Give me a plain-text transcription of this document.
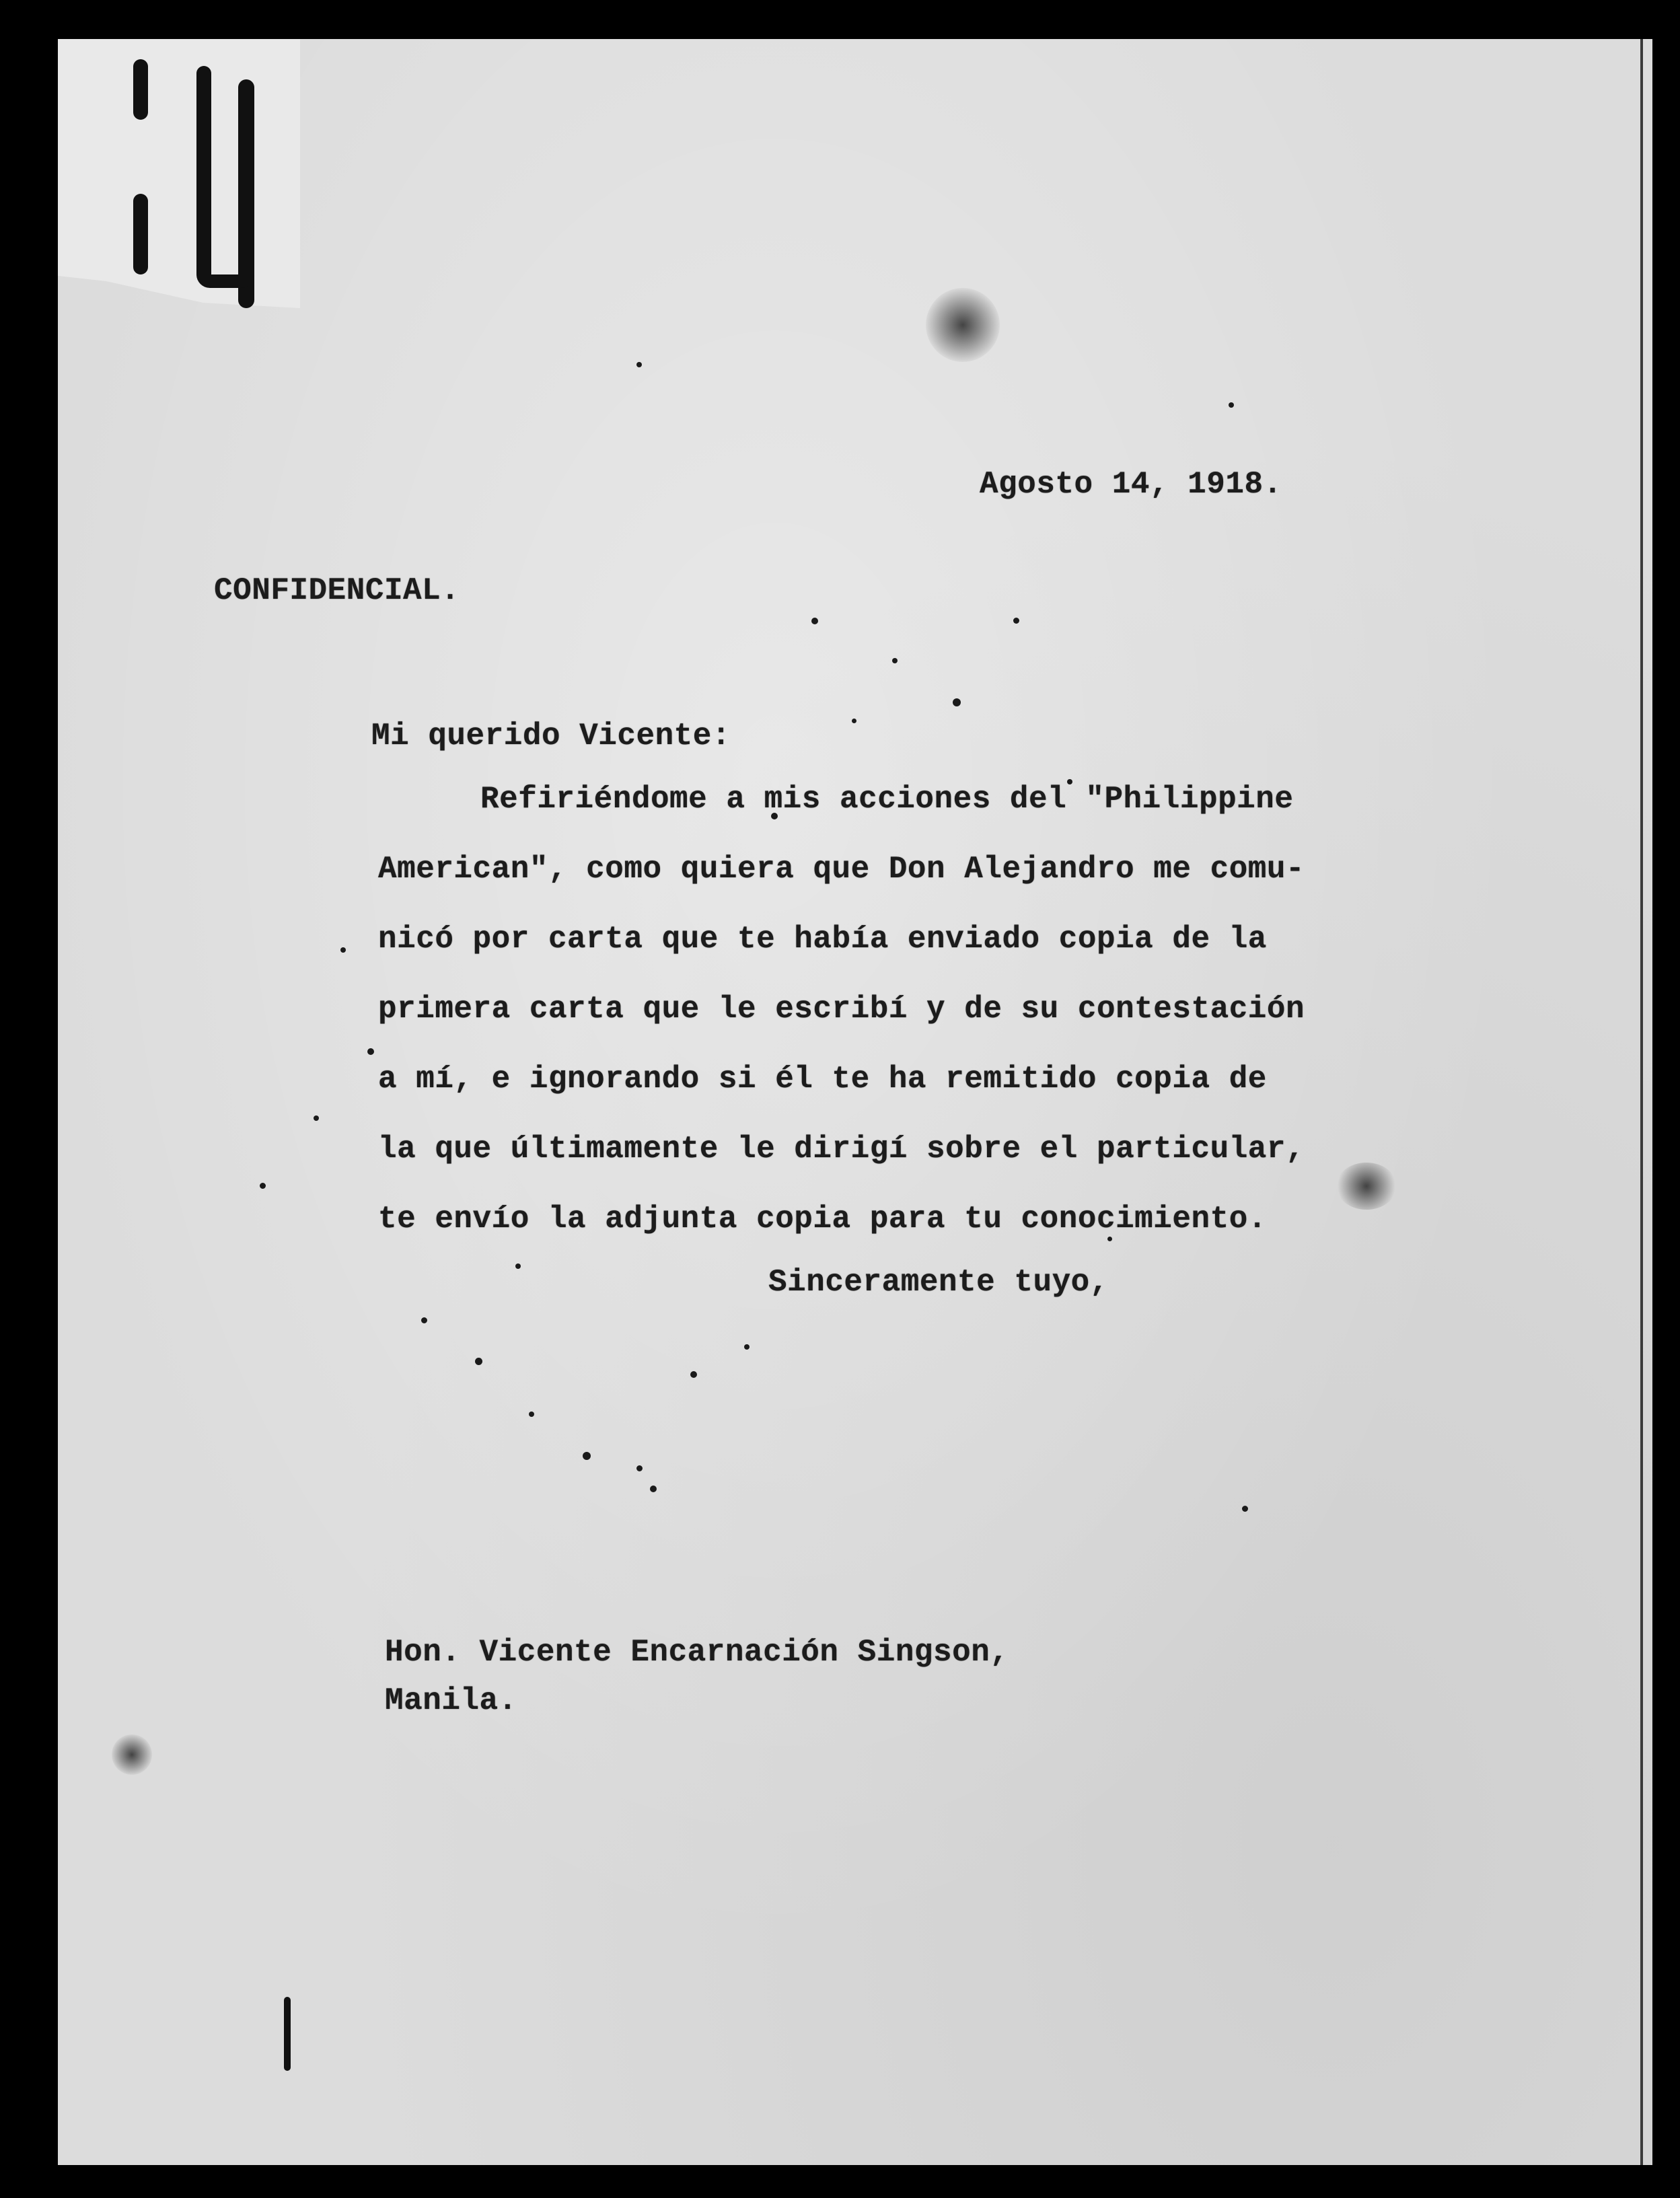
Agosto 14, 1918.
CONFIDENCIAL.
Mi querido Vicente:
Refiriéndome a mis acciones del "Philippine
American", como quiera que Don Alejandro me comu-
nicó por carta que te había enviado copia de la
primera carta que le escribí y de su contestación
a mí, e ignorando si él te ha remitido copia de
la que últimamente le dirigí sobre el particular,
te envío la adjunta copia para tu conocimiento.
Sinceramente tuyo,
Hon. Vicente Encarnación Singson,
Manila.
